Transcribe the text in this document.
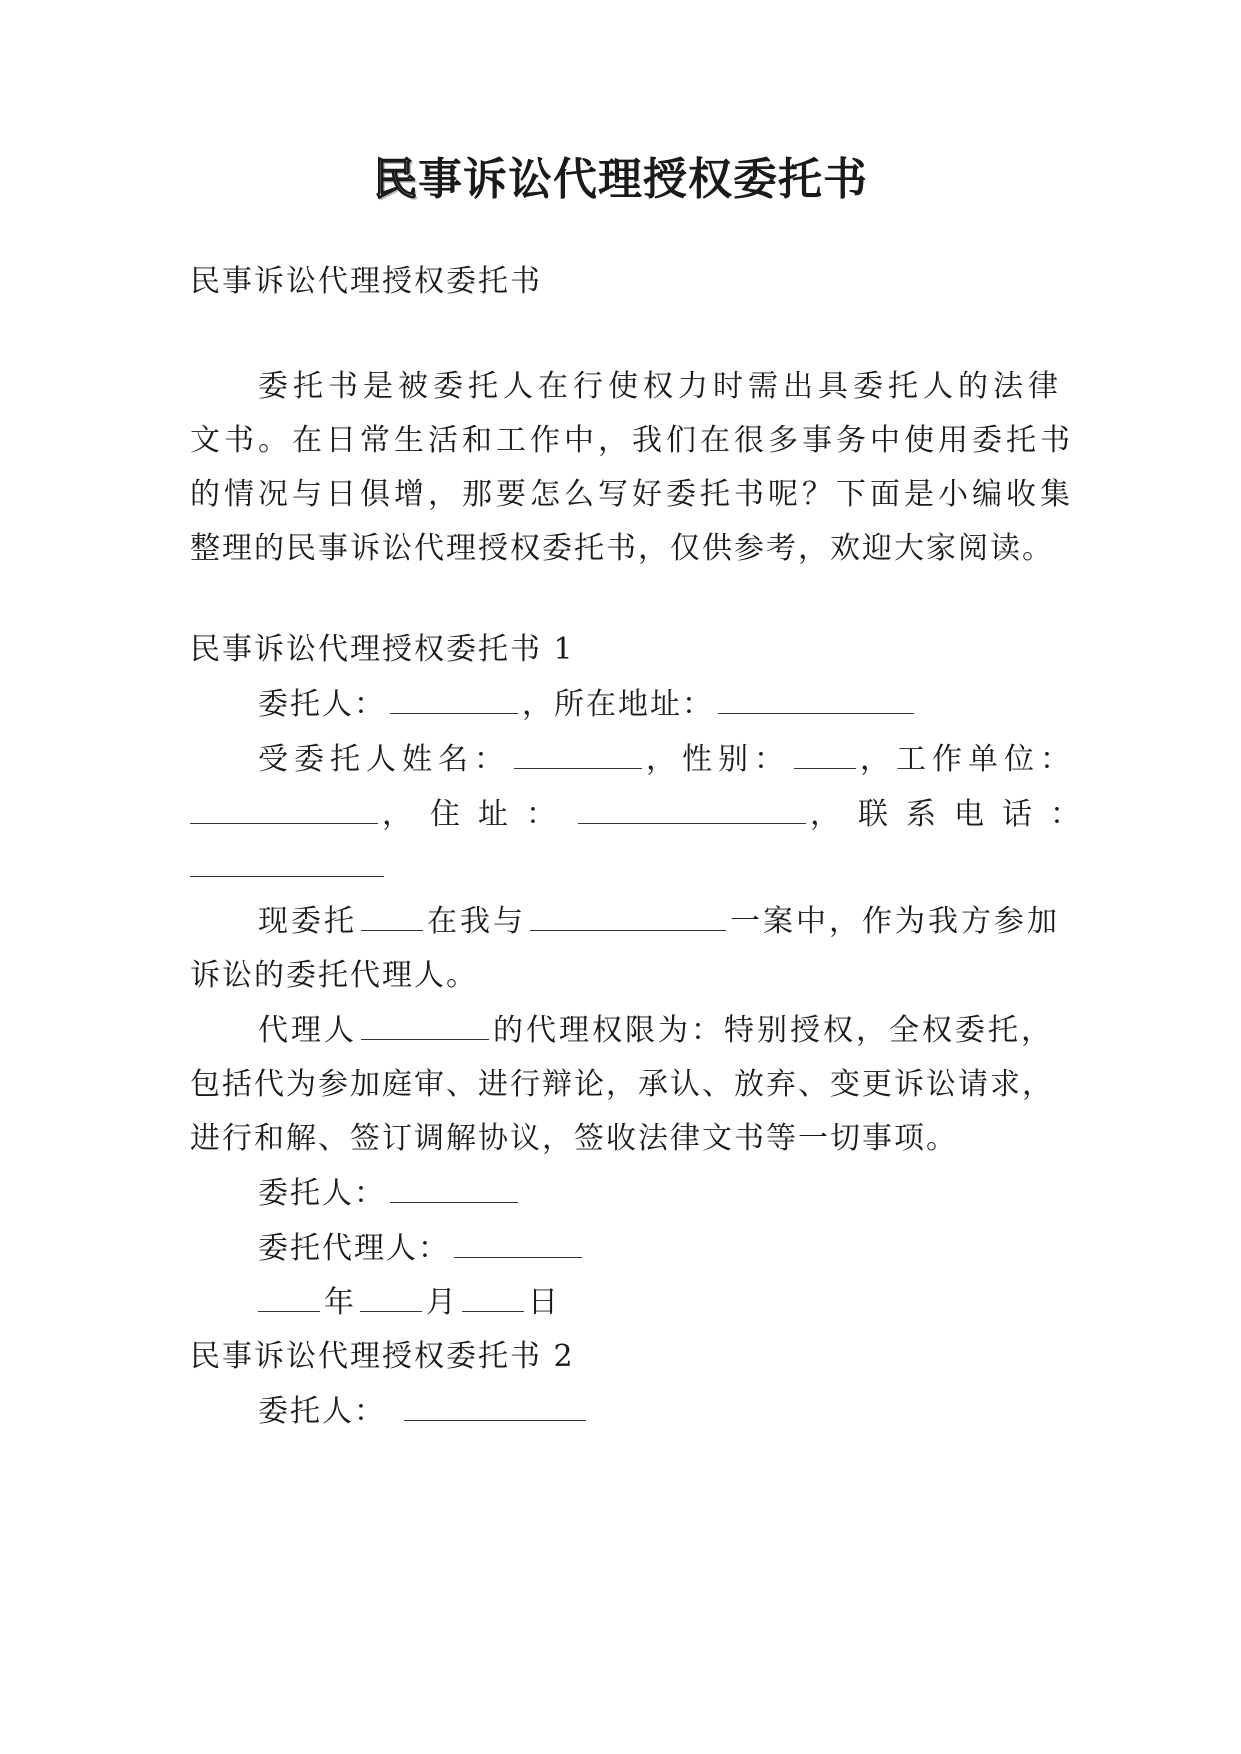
民事诉讼代理授权委托书
民事诉讼代理授权委托书
委托书是被委托人在行使权力时需出具委托人的法律
文书。在日常生活和工作中，我们在很多事务中使用委托书
的情况与日俱增，那要怎么写好委托书呢？下面是小编收集
整理的民事诉讼代理授权委托书，仅供参考，欢迎大家阅读。
民事诉讼代理授权委托书 1
委托人：	，所在地址：
受委托人姓名：	，性别： ，工作单位：
，住址：	，联系电话：
现委托 在我与	一案中，作为我方参加
诉讼的委托代理人。
代理人	的代理权限为：特别授权，全权委托，
包括代为参加庭审、进行辩论，承认、放弃、变更诉讼请求，
进行和解、签订调解协议，签收法律文书等一切事项。
委托人：
委托代理人：
年 月 日
民事诉讼代理授权委托书 2
委托人：
